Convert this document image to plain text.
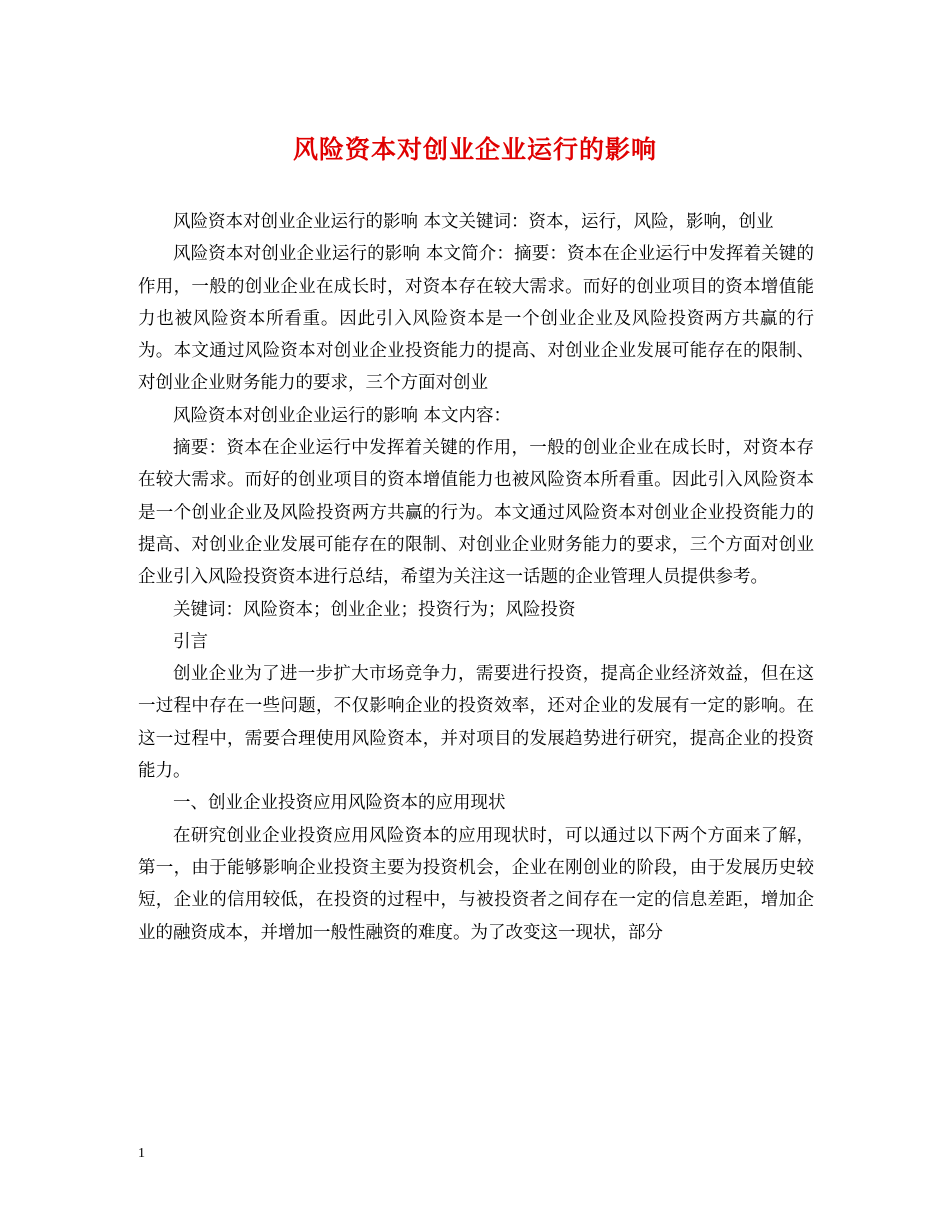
风险资本对创业企业运行的影响

风险资本对创业企业运行的影响 本文关键词：资本，运行，风险，影响，创业

风险资本对创业企业运行的影响 本文简介：摘要：资本在企业运行中发挥着关键的作用，一般的创业企业在成长时，对资本存在较大需求。而好的创业项目的资本增值能力也被风险资本所看重。因此引入风险资本是一个创业企业及风险投资两方共赢的行为。本文通过风险资本对创业企业投资能力的提高、对创业企业发展可能存在的限制、对创业企业财务能力的要求，三个方面对创业

风险资本对创业企业运行的影响 本文内容：

摘要：资本在企业运行中发挥着关键的作用，一般的创业企业在成长时，对资本存在较大需求。而好的创业项目的资本增值能力也被风险资本所看重。因此引入风险资本是一个创业企业及风险投资两方共赢的行为。本文通过风险资本对创业企业投资能力的提高、对创业企业发展可能存在的限制、对创业企业财务能力的要求，三个方面对创业企业引入风险投资资本进行总结，希望为关注这一话题的企业管理人员提供参考。

关键词：风险资本；创业企业；投资行为；风险投资

引言

创业企业为了进一步扩大市场竞争力，需要进行投资，提高企业经济效益，但在这一过程中存在一些问题，不仅影响企业的投资效率，还对企业的发展有一定的影响。在这一过程中，需要合理使用风险资本，并对项目的发展趋势进行研究，提高企业的投资能力。

一、创业企业投资应用风险资本的应用现状

在研究创业企业投资应用风险资本的应用现状时，可以通过以下两个方面来了解，第一，由于能够影响企业投资主要为投资机会，企业在刚创业的阶段，由于发展历史较短，企业的信用较低，在投资的过程中，与被投资者之间存在一定的信息差距，增加企业的融资成本，并增加一般性融资的难度。为了改变这一现状，部分

1
